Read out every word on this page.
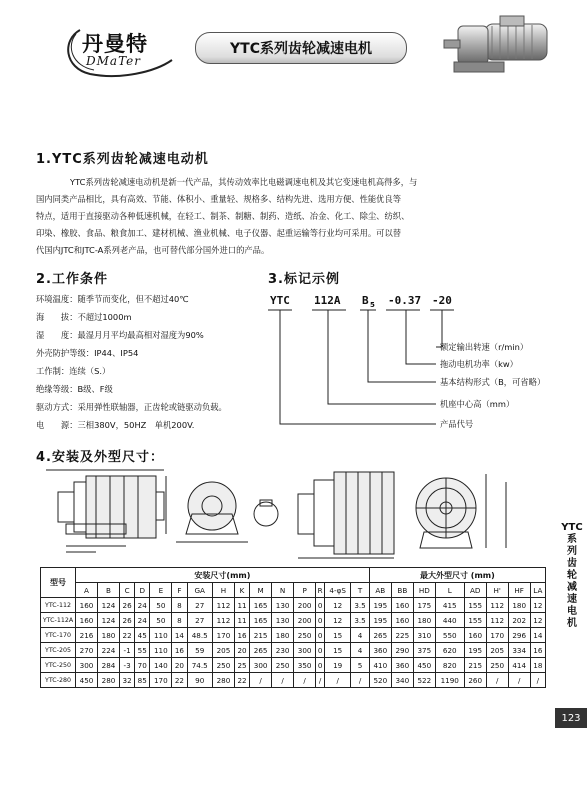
丹曼特
DMaTer
YTC系列齿轮减速电机
1.YTC系列齿轮减速电动机
YTC系列齿轮减速电动机是新一代产品，其传动效率比电磁调速电机及其它变速电机高得多，与
国内同类产品相比，具有高效、节能、体积小、重量轻、规格多、结构先进、选用方便、性能优良等
特点，适用于直接驱动各种低速机械，在轻工、制茶、制糖、制药、造纸、冶金、化工、除尘、纺织、
印染、橡胶、食品、粮食加工、建材机械、渔业机械、电子仪器、起重运输等行业均可采用。可以替
代国内JTC和JTC-A系列老产品，也可替代部分国外进口的产品。
2.工作条件
环境温度：随季节而变化，但不超过40℃
海　　拔：不超过1000m
湿　　度：最湿月月平均最高相对湿度为90%
外壳防护等级：IP44、IP54
工作制：连续（S.）
绝缘等级：B级、F级
驱动方式：采用弹性联轴器，正齿轮或链驱动负载。
电　　源：三相380V，50HZ　单机200V.
3.标记示例
YTC 112A B 5 -0.37 -20
额定输出转速（r/min）
拖动电机功率（kw）
基本结构形式（B，可省略）
机座中心高（mm）
产品代号
4.安装及外型尺寸：
型号	安装尺寸(mm)															最大外型尺寸 (mm)							
	A	B	C	D	E	F	GA	H	K	M	N	P	R	4-φS	T	AB	BB	HD	L	AD	H'	HF	LA
YTC-112	160	124	26	24	50	8	27	112	11	165	130	200	0	12	3.5	195	160	175	415	155	112	180	12
YTC-112A	160	124	26	24	50	8	27	112	11	165	130	200	0	12	3.5	195	160	180	440	155	112	202	12
YTC-170	216	180	22	45	110	14	48.5	170	16	215	180	250	0	15	4	265	225	310	550	160	170	296	14
YTC-205	270	224	-1	55	110	16	59	205	20	265	230	300	0	15	4	360	290	375	620	195	205	334	16
YTC-250	300	284	-3	70	140	20	74.5	250	25	300	250	350	0	19	5	410	360	450	820	215	250	414	18
YTC-280	450	280	32	85	170	22	90	280	22	/	/	/	/	/	/	520	340	522	1190	260	/	/	/
YTC
系
列
齿
轮
减
速
电
机
123
